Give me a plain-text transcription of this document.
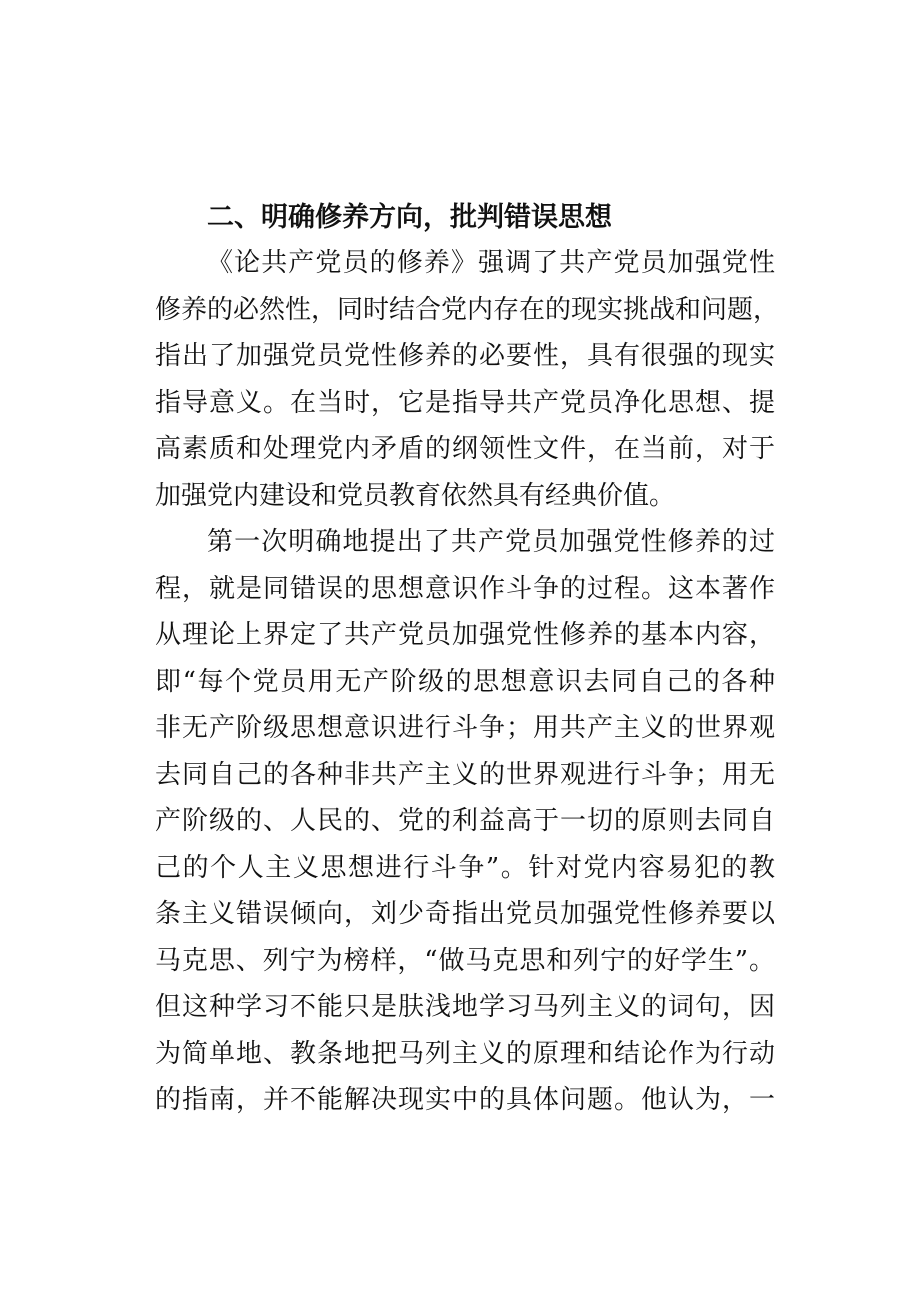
二、明确修养方向，批判错误思想
《论共产党员的修养》强调了共产党员加强党性
修养的必然性，同时结合党内存在的现实挑战和问题，
指出了加强党员党性修养的必要性，具有很强的现实
指导意义。在当时，它是指导共产党员净化思想、提
高素质和处理党内矛盾的纲领性文件，在当前，对于
加强党内建设和党员教育依然具有经典价值。
第一次明确地提出了共产党员加强党性修养的过
程，就是同错误的思想意识作斗争的过程。这本著作
从理论上界定了共产党员加强党性修养的基本内容，
即“每个党员用无产阶级的思想意识去同自己的各种
非无产阶级思想意识进行斗争；用共产主义的世界观
去同自己的各种非共产主义的世界观进行斗争；用无
产阶级的、人民的、党的利益高于一切的原则去同自
己的个人主义思想进行斗争”。针对党内容易犯的教
条主义错误倾向，刘少奇指出党员加强党性修养要以
马克思、列宁为榜样，“做马克思和列宁的好学生”。
但这种学习不能只是肤浅地学习马列主义的词句，因
为简单地、教条地把马列主义的原理和结论作为行动
的指南，并不能解决现实中的具体问题。他认为，一
